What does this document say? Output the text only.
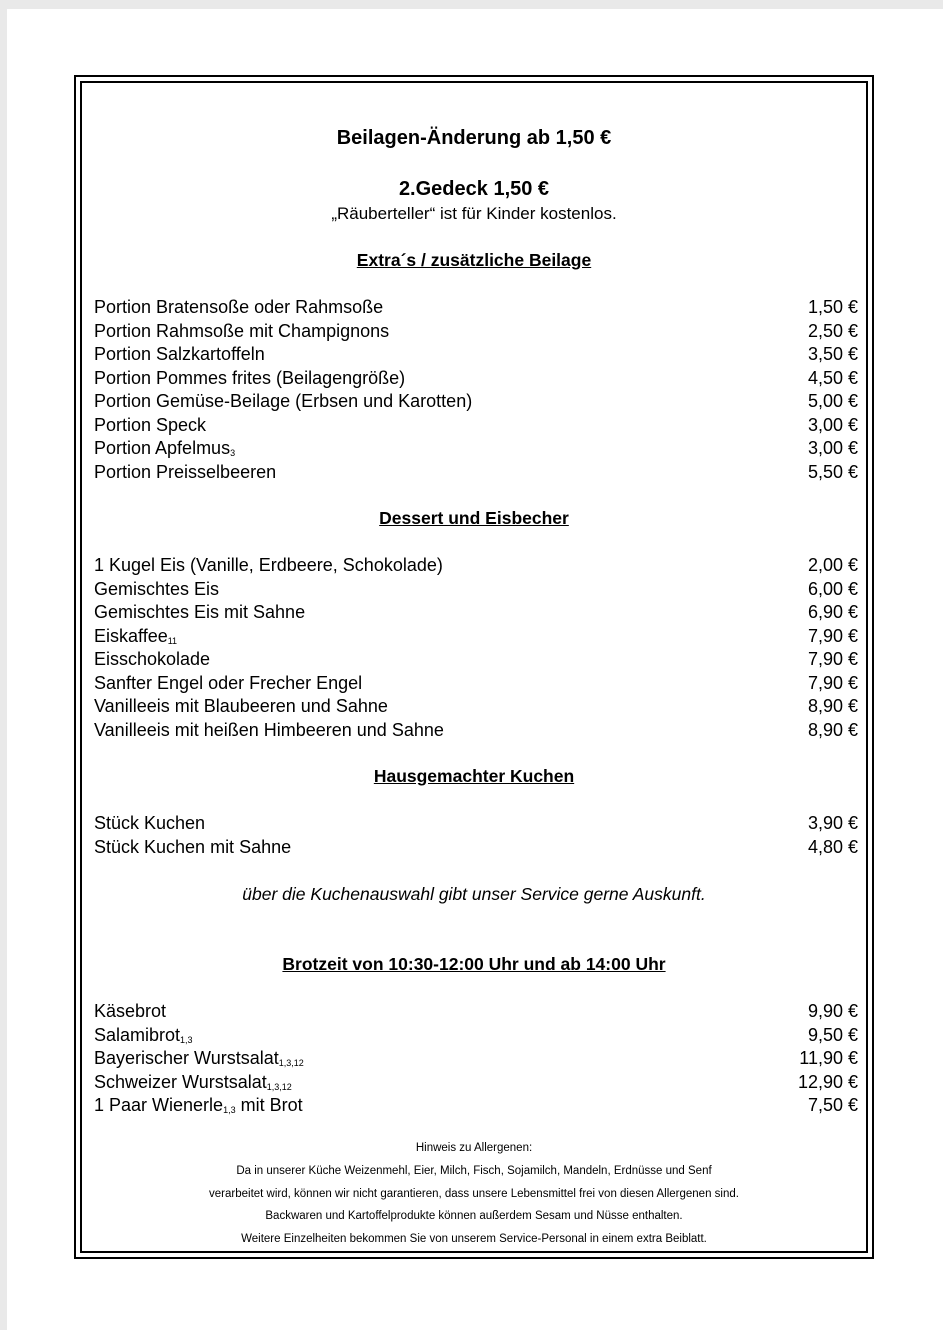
Beilagen-Änderung ab 1,50 €
2.Gedeck 1,50 €
„Räuberteller“ ist für Kinder kostenlos.
Extra´s / zusätzliche Beilage
Portion Bratensoße oder Rahmsoße	1,50 €
Portion Rahmsoße mit Champignons	2,50 €
Portion Salzkartoffeln	3,50 €
Portion Pommes frites (Beilagengröße)	4,50 €
Portion Gemüse-Beilage (Erbsen und Karotten)	5,00 €
Portion Speck	3,00 €
Portion Apfelmus$_3$	3,00 €
Portion Preisselbeeren	5,50 €
Dessert und Eisbecher
1 Kugel Eis (Vanille, Erdbeere, Schokolade)	2,00 €
Gemischtes Eis	6,00 €
Gemischtes Eis mit Sahne	6,90 €
Eiskaffee$_{11}$	7,90 €
Eisschokolade	7,90 €
Sanfter Engel oder Frecher Engel	7,90 €
Vanilleeis mit Blaubeeren und Sahne	8,90 €
Vanilleeis mit heißen Himbeeren und Sahne	8,90 €
Hausgemachter Kuchen
Stück Kuchen	3,90 €
Stück Kuchen mit Sahne	4,80 €
über die Kuchenauswahl gibt unser Service gerne Auskunft.
Brotzeit von 10:30-12:00 Uhr und ab 14:00 Uhr
Käsebrot	9,90 €
Salamibrot$_{1,3}$	9,50 €
Bayerischer Wurstsalat$_{1,3,12}$	11,90 €
Schweizer Wurstsalat$_{1,3,12}$	12,90 €
1 Paar Wienerle$_{1,3}$ mit Brot	7,50 €
Hinweis zu Allergenen:
Da in unserer Küche Weizenmehl, Eier, Milch, Fisch, Sojamilch, Mandeln, Erdnüsse und Senf
verarbeitet wird, können wir nicht garantieren, dass unsere Lebensmittel frei von diesen Allergenen sind.
Backwaren und Kartoffelprodukte können außerdem Sesam und Nüsse enthalten.
Weitere Einzelheiten bekommen Sie von unserem Service-Personal in einem extra Beiblatt.
